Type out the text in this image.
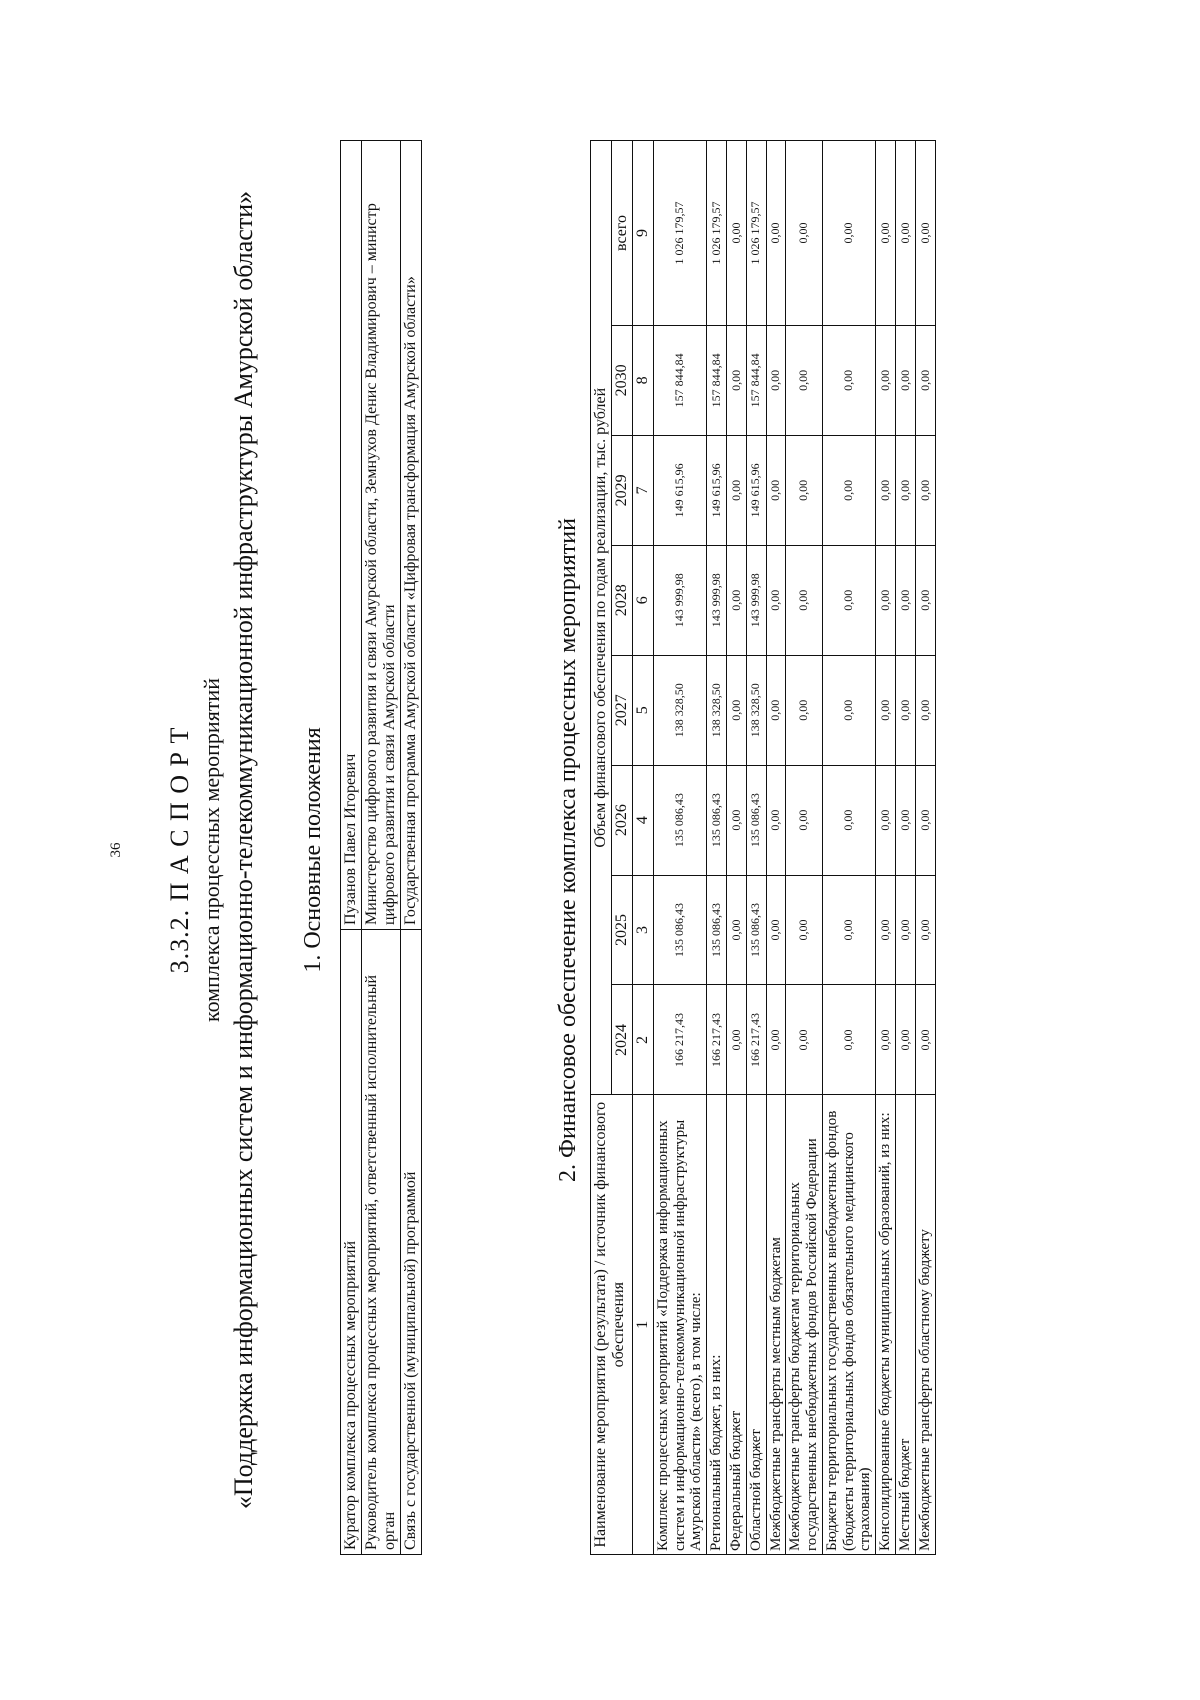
36 3.3.2. П А С П О Р Т комплекса процессных мероприятий «Поддержка информационных систем и информационно-телекоммуникационной инфраструктуры Амурской области» 1. Основные положения
Куратор комплекса процессных мероприятий	Пузанов Павел Игоревич
Руководитель комплекса процессных мероприятий, ответственный исполнительный орган	Министерство цифрового развития и связи Амурской области, Земнухов Денис Владимирович – министр цифрового развития и связи Амурской области
Связь с государственной (муниципальной) программой	Государственная программа Амурской области «Цифровая трансформация Амурской области»	2. Финансовое обеспечение комплекса процессных мероприятий
Наименование мероприятия (результата) / источник финансового обеспечения	Объем финансового обеспечения по годам реализации, тыс. рублей							
	2024	2025	2026	2027	2028	2029	2030	всего
1	2	3	4	5	6	7	8	9
Комплекс процессных мероприятий «Поддержка информационных систем и информационно-телекоммуникационной инфраструктуры Амурской области» (всего), в том числе:	166 217,43	135 086,43	135 086,43	138 328,50	143 999,98	149 615,96	157 844,84	1 026 179,57
Региональный бюджет, из них:	166 217,43	135 086,43	135 086,43	138 328,50	143 999,98	149 615,96	157 844,84	1 026 179,57
Федеральный бюджет	0,00	0,00	0,00	0,00	0,00	0,00	0,00	0,00
Областной бюджет	166 217,43	135 086,43	135 086,43	138 328,50	143 999,98	149 615,96	157 844,84	1 026 179,57
Межбюджетные трансферты местным бюджетам	0,00	0,00	0,00	0,00	0,00	0,00	0,00	0,00
Межбюджетные трансферты бюджетам территориальных государственных внебюджетных фондов Российской Федерации	0,00	0,00	0,00	0,00	0,00	0,00	0,00	0,00
Бюджеты территориальных государственных внебюджетных фондов (бюджеты территориальных фондов обязательного медицинского страхования)	0,00	0,00	0,00	0,00	0,00	0,00	0,00	0,00
Консолидированные бюджеты муниципальных образований, из них:	0,00	0,00	0,00	0,00	0,00	0,00	0,00	0,00
Местный бюджет	0,00	0,00	0,00	0,00	0,00	0,00	0,00	0,00
Межбюджетные трансферты областному бюджету	0,00	0,00	0,00	0,00	0,00	0,00	0,00	0,00
